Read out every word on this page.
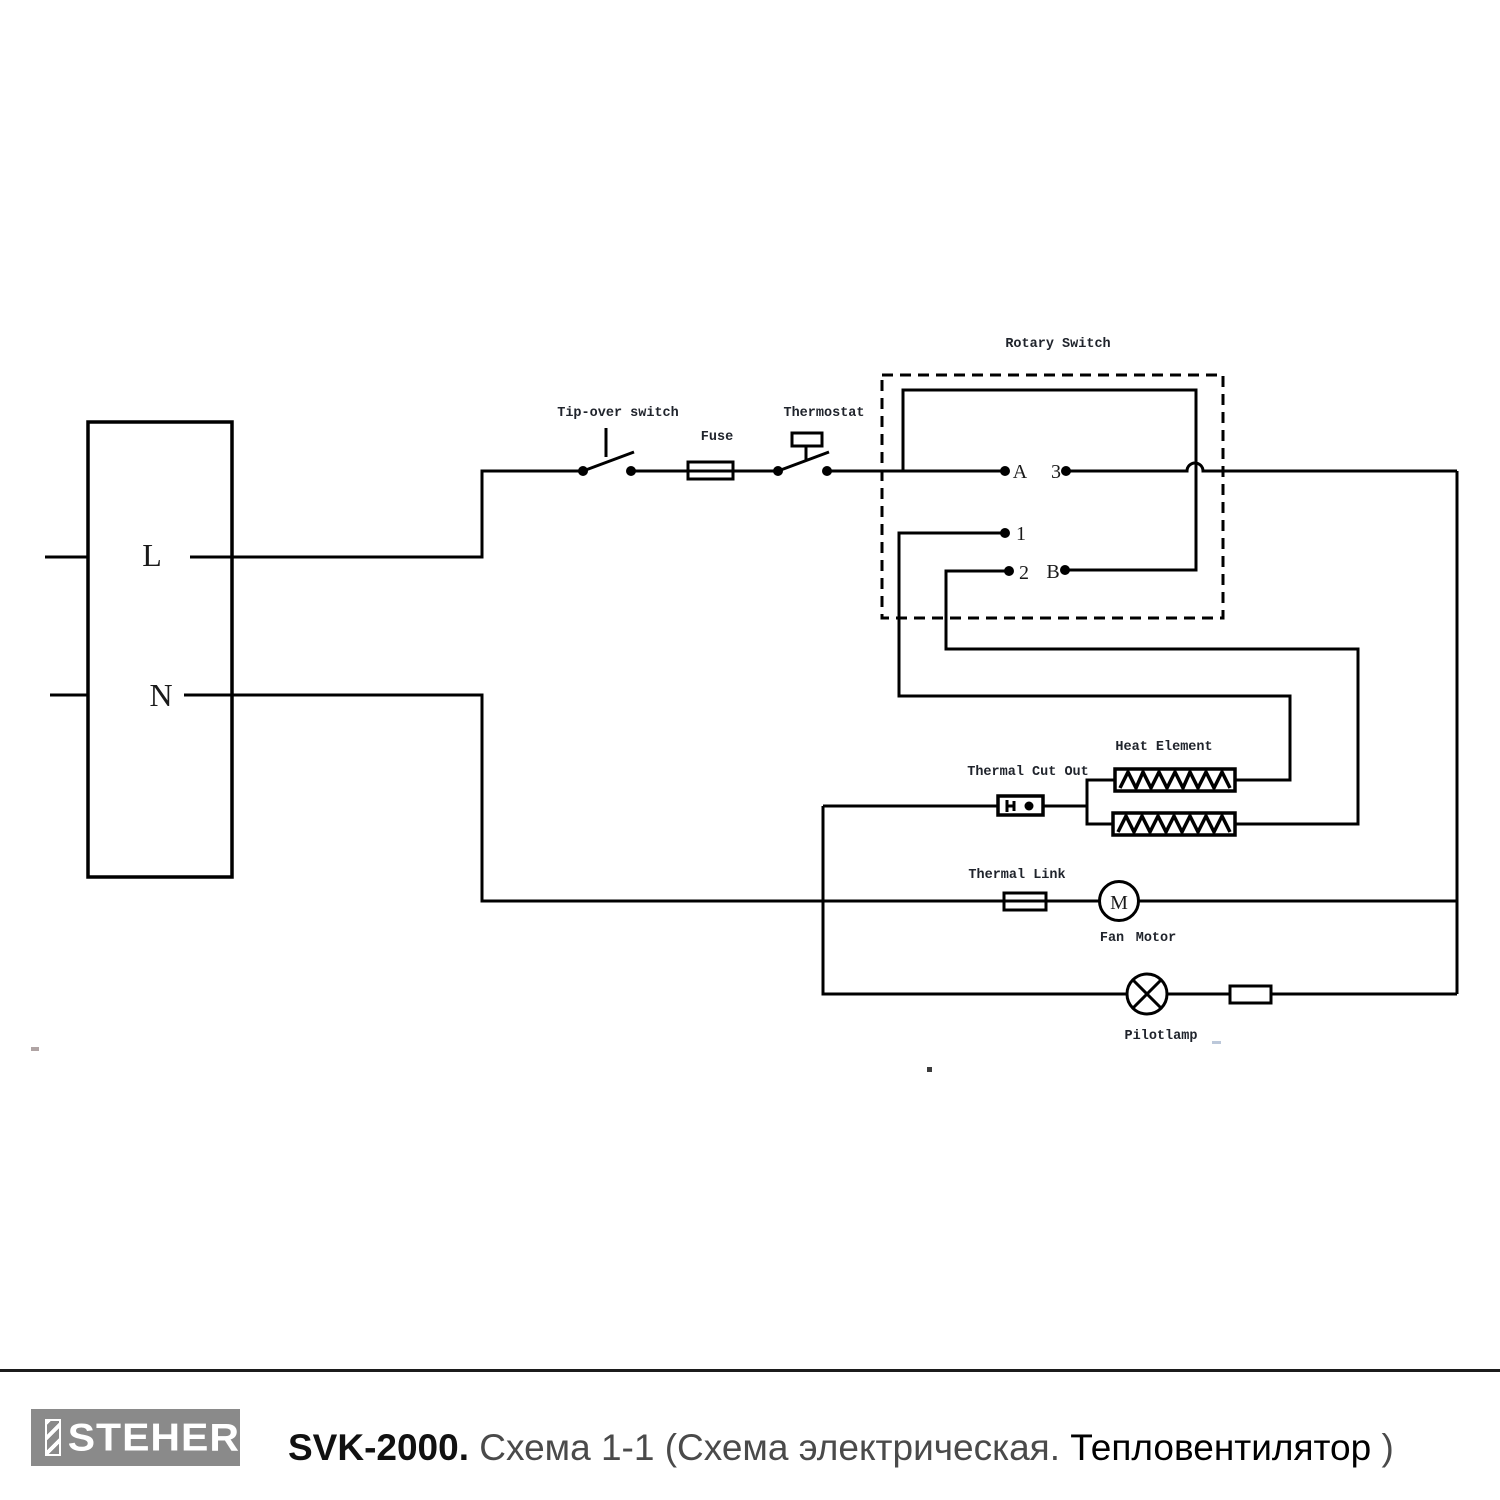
L
N
Tip-over switch
Fuse
Thermostat
Rotary Switch
A 3
1
2 B
Heat Element
Thermal Cut Out
Thermal Link
M
Fan Motor
Pilotlamp
STEHER SVK-2000. Схема 1-1 (Схема электрическая. Тепловентилятор )
